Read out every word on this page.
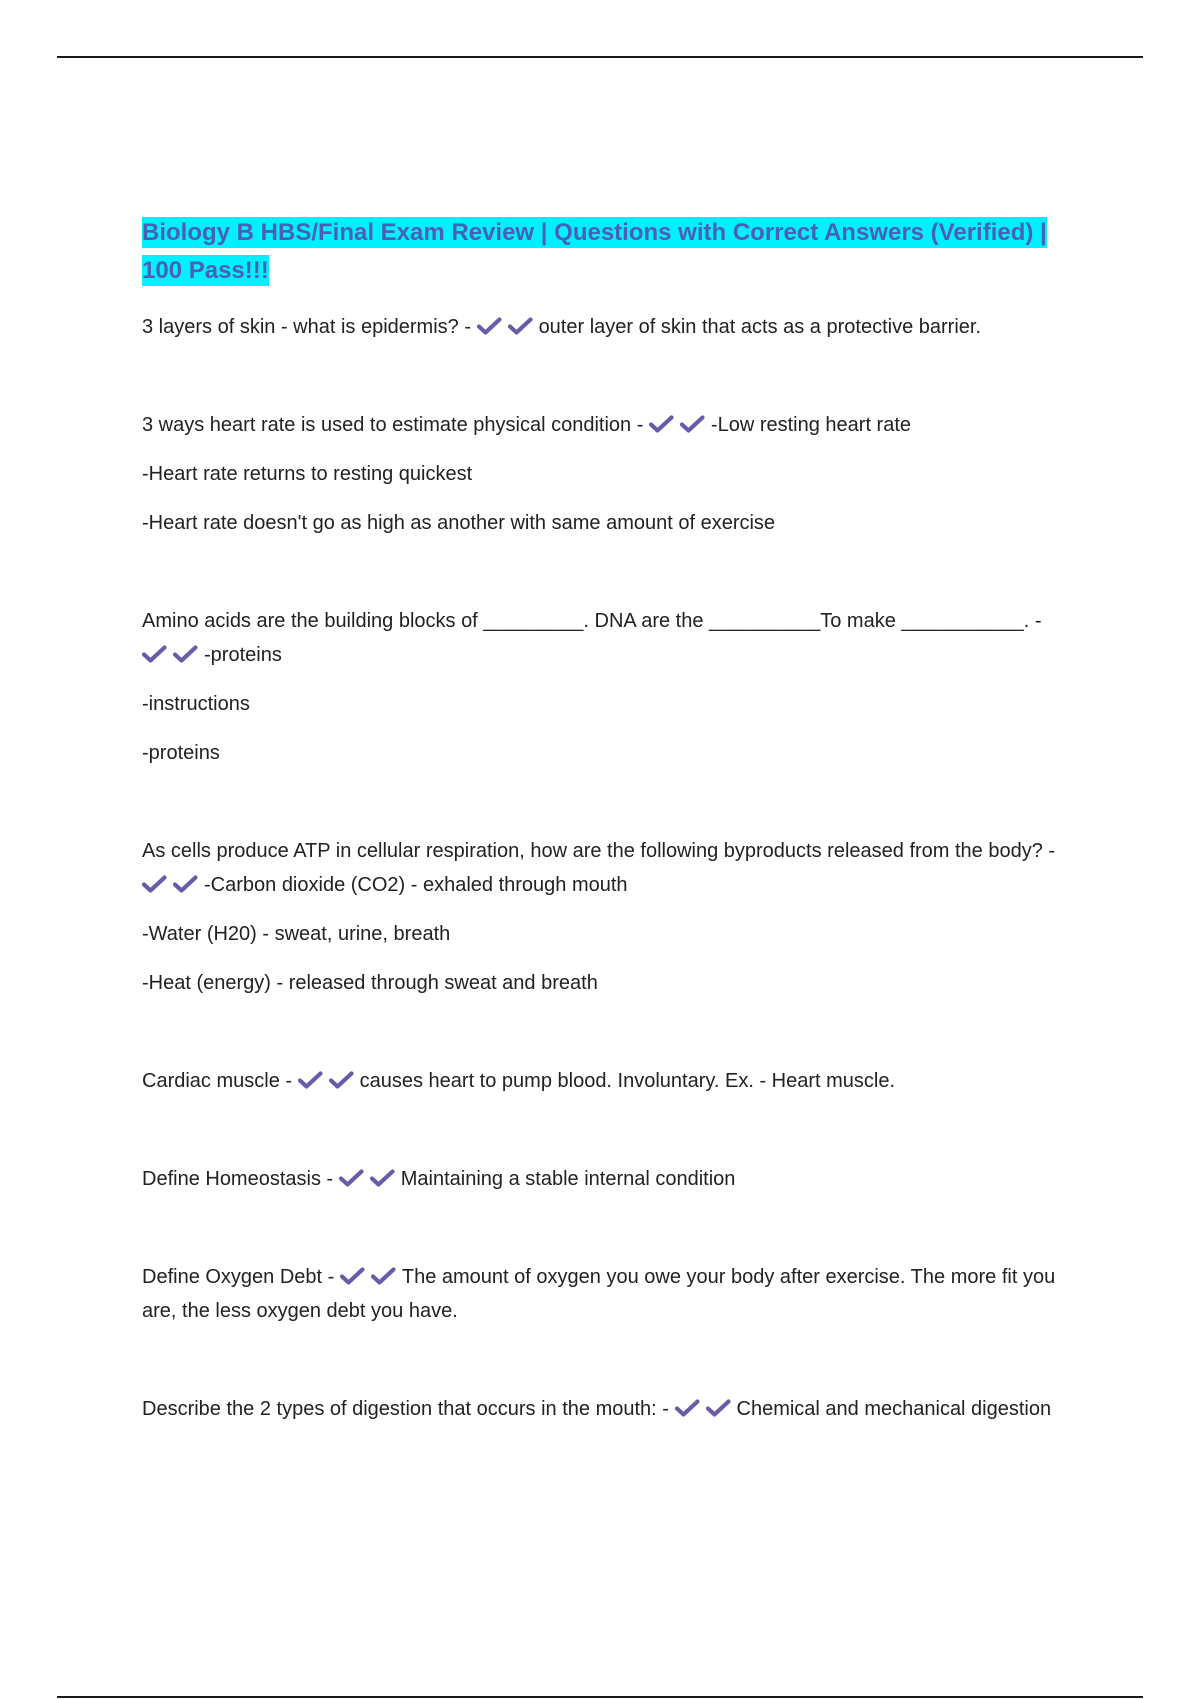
Biology B HBS/Final Exam Review | Questions with Correct Answers (Verified) | 100 Pass!!!
3 layers of skin - what is epidermis? -	outer layer of skin that acts as a protective barrier.
3 ways heart rate is used to estimate physical condition -	-Low resting heart rate
-Heart rate returns to resting quickest
-Heart rate doesn't go as high as another with same amount of exercise
Amino acids are the building blocks of _________. DNA are the __________To make ___________. -
-proteins
-instructions
-proteins
As cells produce ATP in cellular respiration, how are the following byproducts released from the body? -
-Carbon dioxide (CO2) - exhaled through mouth
-Water (H20) - sweat, urine, breath
-Heat (energy) - released through sweat and breath
Cardiac muscle -	causes heart to pump blood. Involuntary. Ex. - Heart muscle.
Define Homeostasis -	Maintaining a stable internal condition
Define Oxygen Debt -	The amount of oxygen you owe your body after exercise. The more fit you are, the less oxygen debt you have.
Describe the 2 types of digestion that occurs in the mouth: -	Chemical and mechanical digestion
